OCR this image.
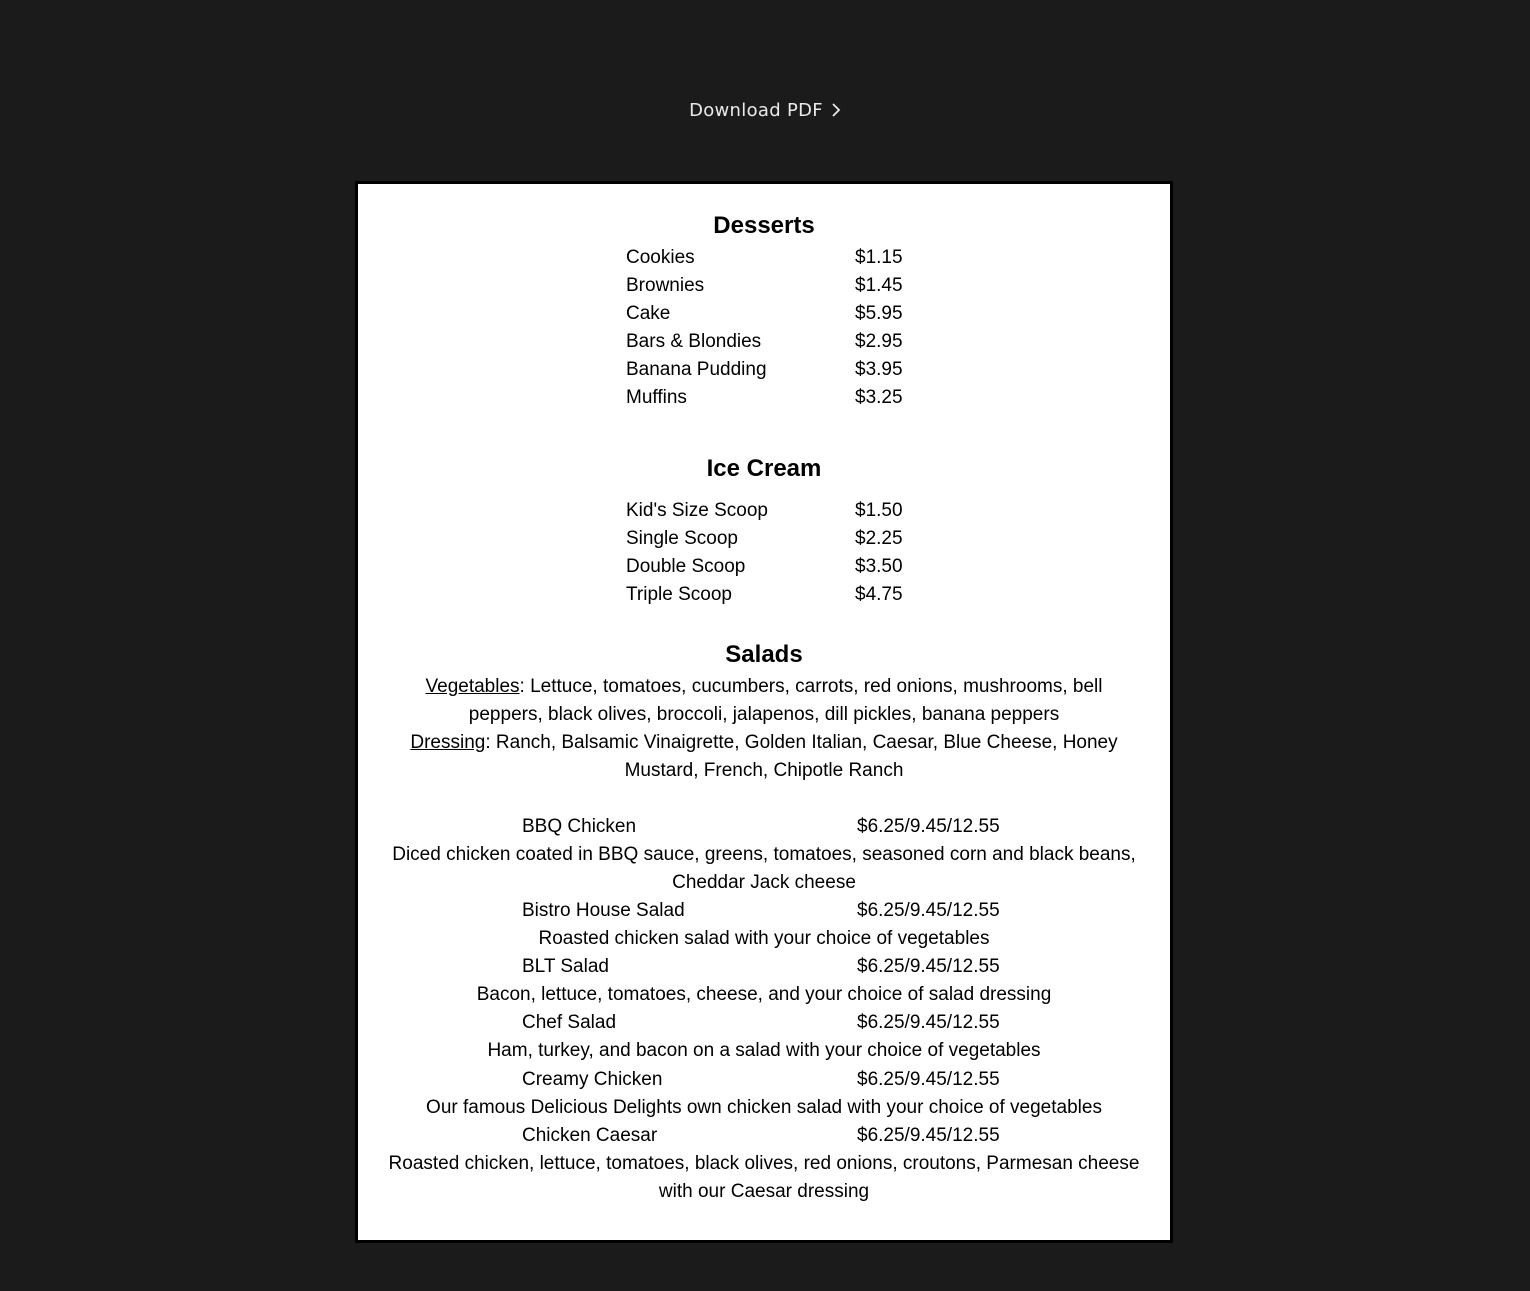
Download PDF
Desserts
Cookies	$1.15
Brownies	$1.45
Cake	$5.95
Bars & Blondies	$2.95
Banana Pudding	$3.95
Muffins	$3.25
Ice Cream
Kid's Size Scoop	$1.50
Single Scoop	$2.25
Double Scoop	$3.50
Triple Scoop	$4.75
Salads
Vegetables: Lettuce, tomatoes, cucumbers, carrots, red onions, mushrooms, bell
peppers, black olives, broccoli, jalapenos, dill pickles, banana peppers
Dressing: Ranch, Balsamic Vinaigrette, Golden Italian, Caesar, Blue Cheese, Honey
Mustard, French, Chipotle Ranch
BBQ Chicken	$6.25/9.45/12.55
Diced chicken coated in BBQ sauce, greens, tomatoes, seasoned corn and black beans,
Cheddar Jack cheese
Bistro House Salad	$6.25/9.45/12.55
Roasted chicken salad with your choice of vegetables
BLT Salad	$6.25/9.45/12.55
Bacon, lettuce, tomatoes, cheese, and your choice of salad dressing
Chef Salad	$6.25/9.45/12.55
Ham, turkey, and bacon on a salad with your choice of vegetables
Creamy Chicken	$6.25/9.45/12.55
Our famous Delicious Delights own chicken salad with your choice of vegetables
Chicken Caesar	$6.25/9.45/12.55
Roasted chicken, lettuce, tomatoes, black olives, red onions, croutons, Parmesan cheese
with our Caesar dressing
